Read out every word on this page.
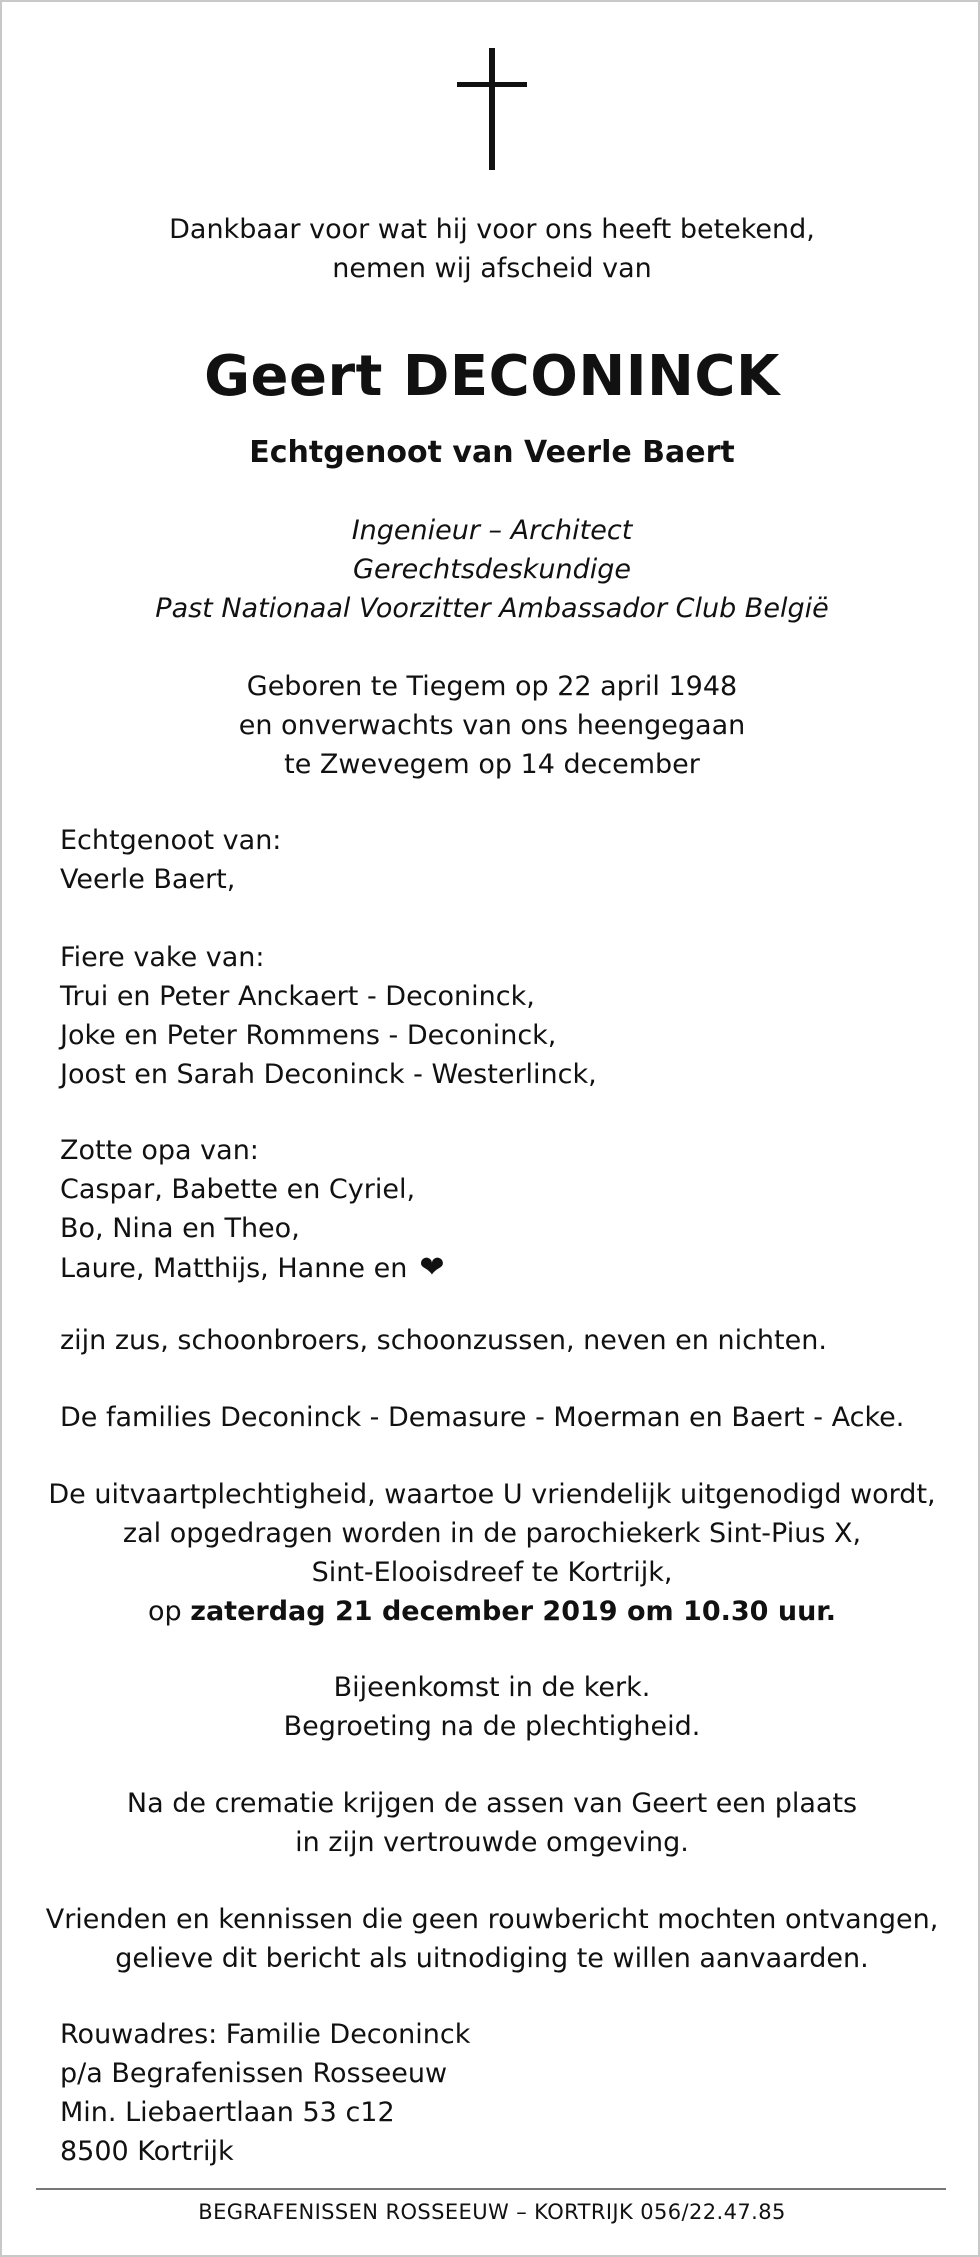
Dankbaar voor wat hij voor ons heeft betekend,
nemen wij afscheid van
Geert DECONINCK
Echtgenoot van Veerle Baert
Ingenieur – Architect
Gerechtsdeskundige
Past Nationaal Voorzitter Ambassador Club België
Geboren te Tiegem op 22 april 1948
en onverwachts van ons heengegaan
te Zwevegem op 14 december
Echtgenoot van:
Veerle Baert,
Fiere vake van:
Trui en Peter Anckaert - Deconinck,
Joke en Peter Rommens - Deconinck,
Joost en Sarah Deconinck - Westerlinck,
Zotte opa van:
Caspar, Babette en Cyriel,
Bo, Nina en Theo,
Laure, Matthijs, Hanne en ❤
zijn zus, schoonbroers, schoonzussen, neven en nichten.
De families Deconinck - Demasure - Moerman en Baert - Acke.
De uitvaartplechtigheid, waartoe U vriendelijk uitgenodigd wordt,
zal opgedragen worden in de parochiekerk Sint-Pius X,
Sint-Elooisdreef te Kortrijk,
op zaterdag 21 december 2019 om 10.30 uur.
Bijeenkomst in de kerk.
Begroeting na de plechtigheid.
Na de crematie krijgen de assen van Geert een plaats
in zijn vertrouwde omgeving.
Vrienden en kennissen die geen rouwbericht mochten ontvangen,
gelieve dit bericht als uitnodiging te willen aanvaarden.
Rouwadres: Familie Deconinck
p/a Begrafenissen Rosseeuw
Min. Liebaertlaan 53 c12
8500 Kortrijk
BEGRAFENISSEN ROSSEEUW – KORTRIJK 056/22.47.85
